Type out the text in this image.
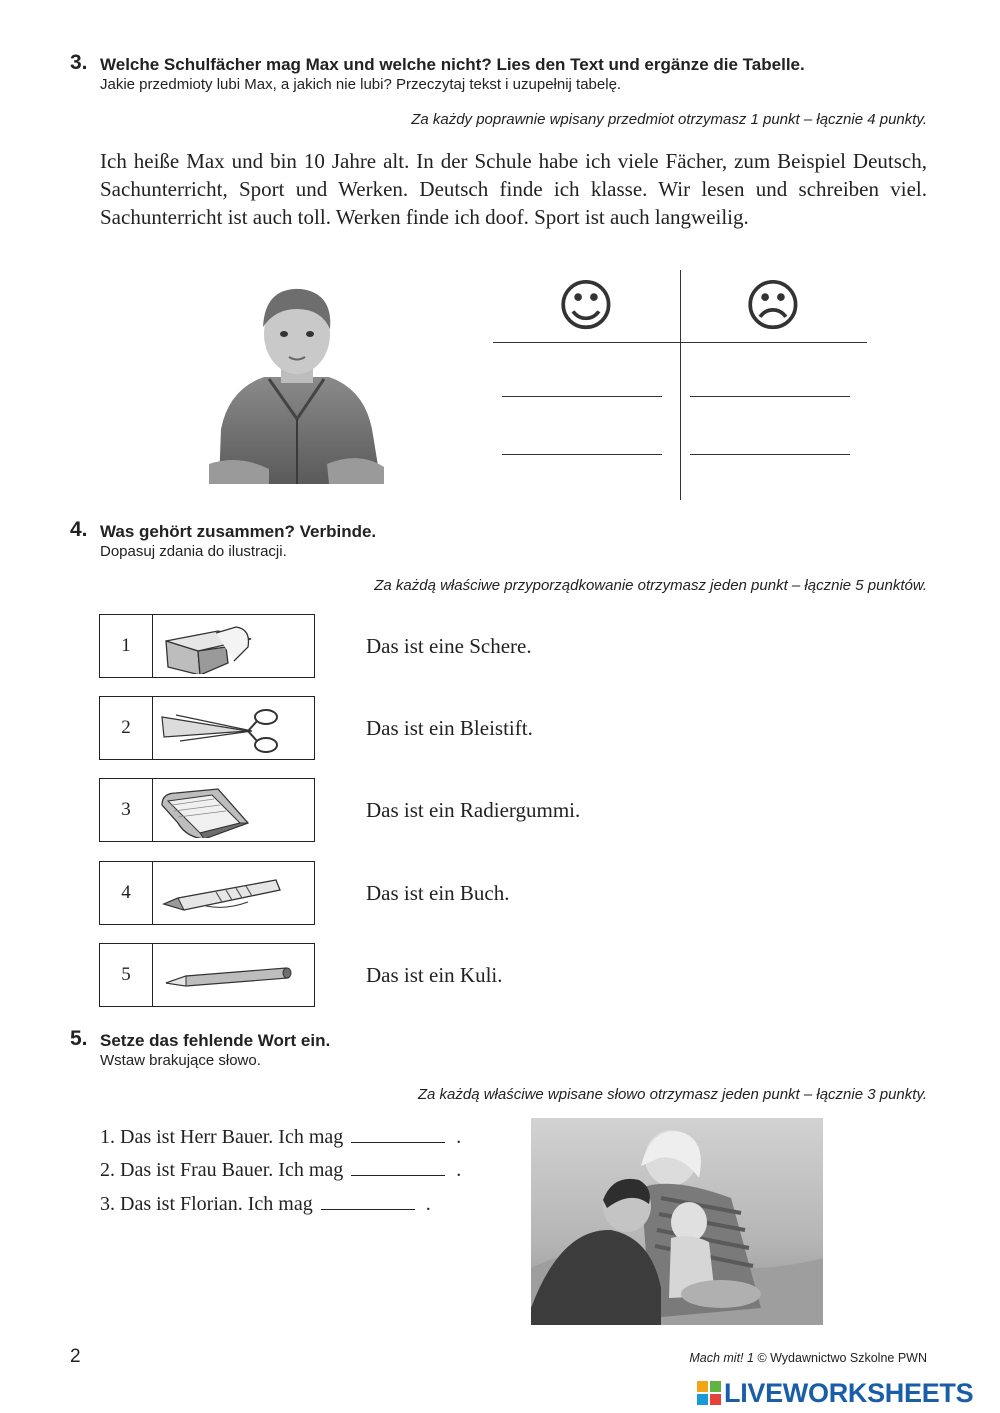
3. Welche Schulfächer mag Max und welche nicht? Lies den Text und ergänze die Tabelle.
Jakie przedmioty lubi Max, a jakich nie lubi? Przeczytaj tekst i uzupełnij tabelę.
Za każdy poprawnie wpisany przedmiot otrzymasz 1 punkt – łącznie 4 punkty.
Ich heiße Max und bin 10 Jahre alt. In der Schule habe ich viele Fächer, zum Beispiel Deutsch, Sachunterricht, Sport und Werken. Deutsch finde ich klasse. Wir lesen und schreiben viel. Sachunterricht ist auch toll. Werken finde ich doof. Sport ist auch langweilig.
☺ ☹
4. Was gehört zusammen? Verbinde.
Dopasuj zdania do ilustracji.
Za każdą właściwe przyporządkowanie otrzymasz jeden punkt – łącznie 5 punktów.
1	Das ist eine Schere.
2	Das ist ein Bleistift.
3	Das ist ein Radiergummi.
4	Das ist ein Buch.
5	Das ist ein Kuli.
5. Setze das fehlende Wort ein.
Wstaw brakujące słowo.
Za każdą właściwe wpisane słowo otrzymasz jeden punkt – łącznie 3 punkty.
1. Das ist Herr Bauer. Ich mag	.
2. Das ist Frau Bauer. Ich mag	.
3. Das ist Florian. Ich mag	.
2	Mach mit! 1 © Wydawnictwo Szkolne PWN
LIVEWORKSHEETS
